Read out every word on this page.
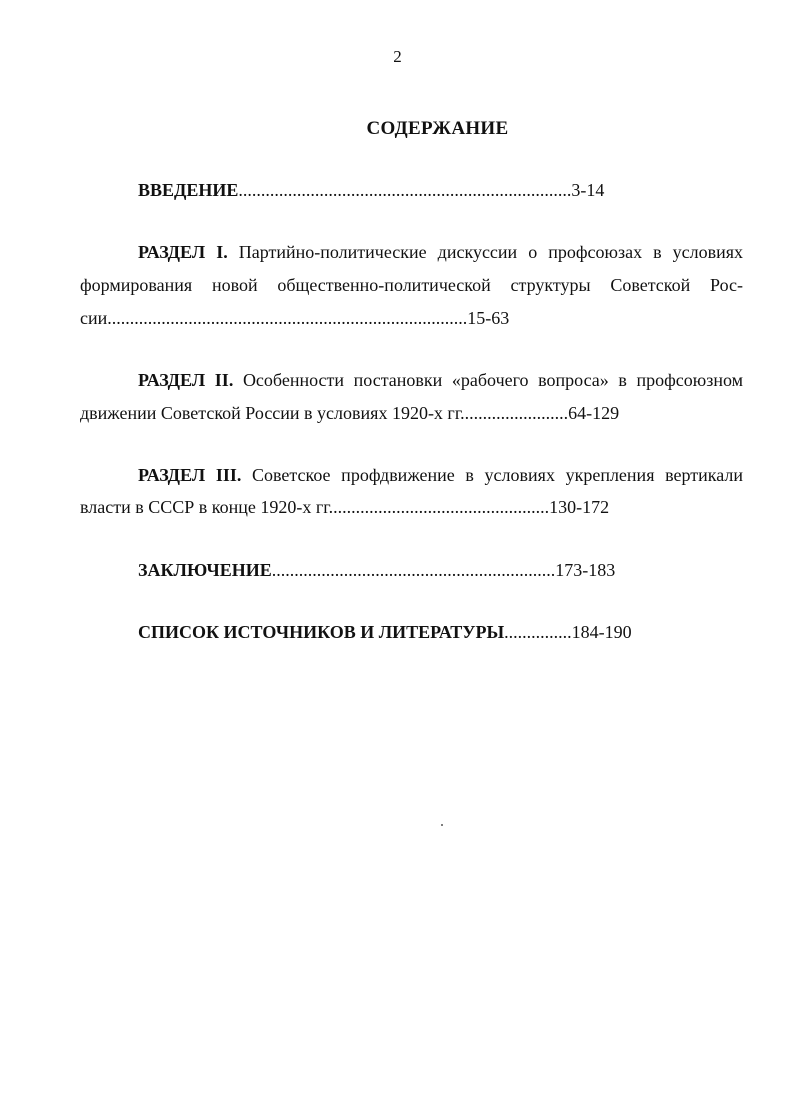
2
СОДЕРЖАНИЕ
ВВЕДЕНИЕ..........................................................................3-14
РАЗДЕЛ I. Партийно-политические дискуссии о профсоюзах в условиях
формирования новой общественно-политической структуры Советской Рос-
сии................................................................................15-63
РАЗДЕЛ II. Особенности постановки «рабочего вопроса» в профсоюзном
движении Советской России в условиях 1920-х гг........................64-129
РАЗДЕЛ III. Советское профдвижение в условиях укрепления вертикали
власти в СССР в конце 1920-х гг.................................................130-172
ЗАКЛЮЧЕНИЕ...............................................................173-183
СПИСОК ИСТОЧНИКОВ И ЛИТЕРАТУРЫ...............184-190
